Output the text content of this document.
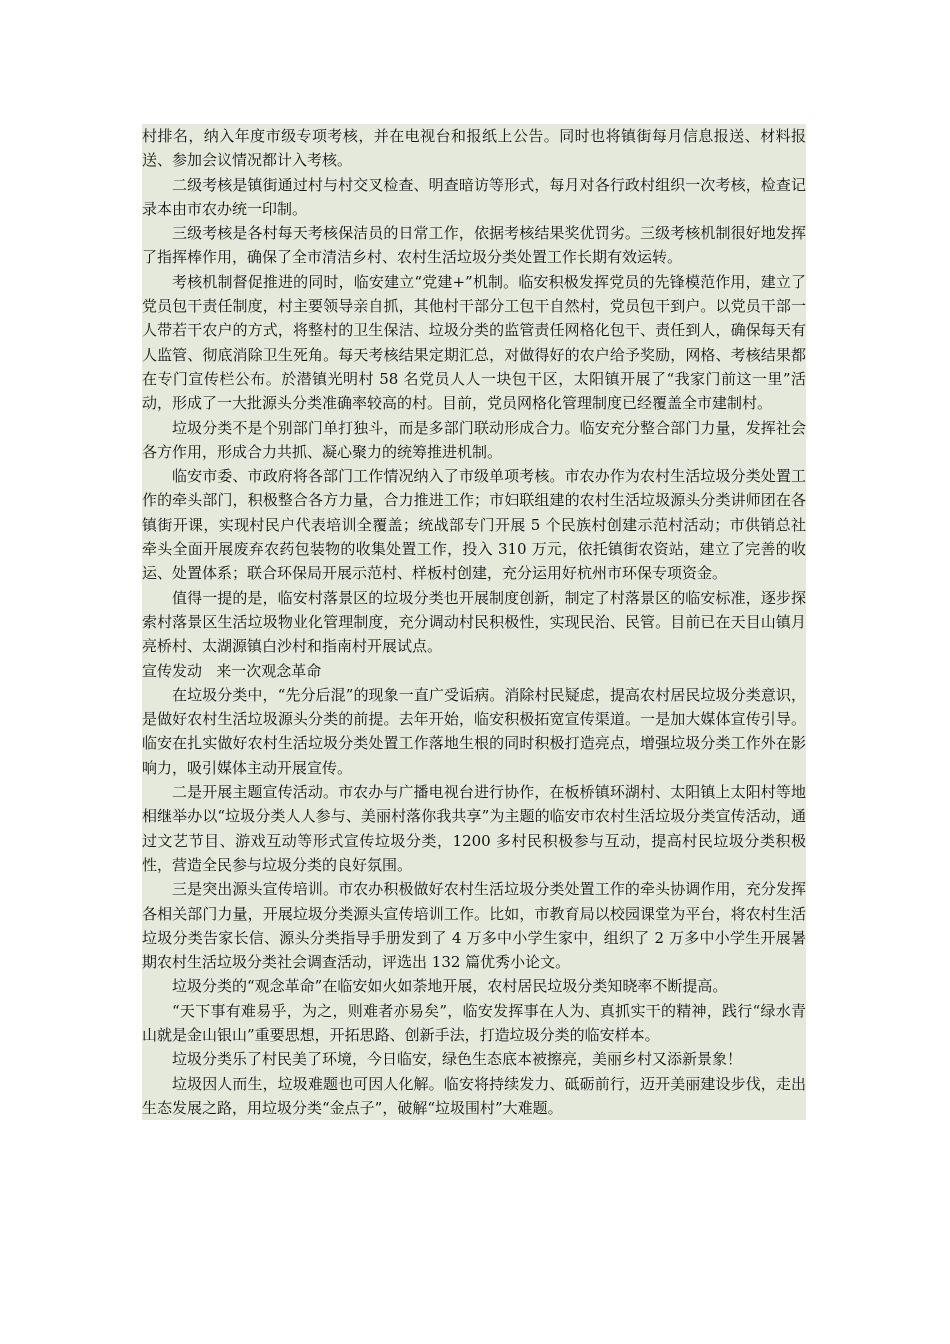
村排名，纳入年度市级专项考核，并在电视台和报纸上公告。同时也将镇街每月信息报送、材料报送、参加会议情况都计入考核。

二级考核是镇街通过村与村交叉检查、明查暗访等形式，每月对各行政村组织一次考核，检查记录本由市农办统一印制。

三级考核是各村每天考核保洁员的日常工作，依据考核结果奖优罚劣。三级考核机制很好地发挥了指挥棒作用，确保了全市清洁乡村、农村生活垃圾分类处置工作长期有效运转。

考核机制督促推进的同时，临安建立“党建+”机制。临安积极发挥党员的先锋模范作用，建立了党员包干责任制度，村主要领导亲自抓，其他村干部分工包干自然村，党员包干到户。以党员干部一人带若干农户的方式，将整村的卫生保洁、垃圾分类的监管责任网格化包干、责任到人，确保每天有人监管、彻底消除卫生死角。每天考核结果定期汇总，对做得好的农户给予奖励，网格、考核结果都在专门宣传栏公布。於潜镇光明村 58 名党员人人一块包干区，太阳镇开展了“我家门前这一里”活动，形成了一大批源头分类准确率较高的村。目前，党员网格化管理制度已经覆盖全市建制村。

垃圾分类不是个别部门单打独斗，而是多部门联动形成合力。临安充分整合部门力量，发挥社会各方作用，形成合力共抓、凝心聚力的统筹推进机制。

临安市委、市政府将各部门工作情况纳入了市级单项考核。市农办作为农村生活垃圾分类处置工作的牵头部门，积极整合各方力量，合力推进工作；市妇联组建的农村生活垃圾源头分类讲师团在各镇街开课，实现村民户代表培训全覆盖；统战部专门开展 5 个民族村创建示范村活动；市供销总社牵头全面开展废弃农药包装物的收集处置工作，投入 310 万元，依托镇街农资站，建立了完善的收运、处置体系；联合环保局开展示范村、样板村创建，充分运用好杭州市环保专项资金。

值得一提的是，临安村落景区的垃圾分类也开展制度创新，制定了村落景区的临安标准，逐步探索村落景区生活垃圾物业化管理制度，充分调动村民积极性，实现民治、民管。目前已在天目山镇月亮桥村、太湖源镇白沙村和指南村开展试点。

宣传发动   来一次观念革命

在垃圾分类中，“先分后混”的现象一直广受诟病。消除村民疑虑，提高农村居民垃圾分类意识，是做好农村生活垃圾源头分类的前提。去年开始，临安积极拓宽宣传渠道。一是加大媒体宣传引导。临安在扎实做好农村生活垃圾分类处置工作落地生根的同时积极打造亮点，增强垃圾分类工作外在影响力，吸引媒体主动开展宣传。

二是开展主题宣传活动。市农办与广播电视台进行协作，在板桥镇环湖村、太阳镇上太阳村等地相继举办以“垃圾分类人人参与、美丽村落你我共享”为主题的临安市农村生活垃圾分类宣传活动，通过文艺节目、游戏互动等形式宣传垃圾分类，1200 多村民积极参与互动，提高村民垃圾分类积极性，营造全民参与垃圾分类的良好氛围。

三是突出源头宣传培训。市农办积极做好农村生活垃圾分类处置工作的牵头协调作用，充分发挥各相关部门力量，开展垃圾分类源头宣传培训工作。比如，市教育局以校园课堂为平台，将农村生活垃圾分类告家长信、源头分类指导手册发到了 4 万多中小学生家中，组织了 2 万多中小学生开展暑期农村生活垃圾分类社会调查活动，评选出 132 篇优秀小论文。

垃圾分类的“观念革命”在临安如火如荼地开展，农村居民垃圾分类知晓率不断提高。

“天下事有难易乎，为之，则难者亦易矣”，临安发挥事在人为、真抓实干的精神，践行“绿水青山就是金山银山”重要思想，开拓思路、创新手法，打造垃圾分类的临安样本。

垃圾分类乐了村民美了环境，今日临安，绿色生态底本被擦亮，美丽乡村又添新景象！

垃圾因人而生，垃圾难题也可因人化解。临安将持续发力、砥砺前行，迈开美丽建设步伐，走出生态发展之路，用垃圾分类“金点子”，破解“垃圾围村”大难题。
